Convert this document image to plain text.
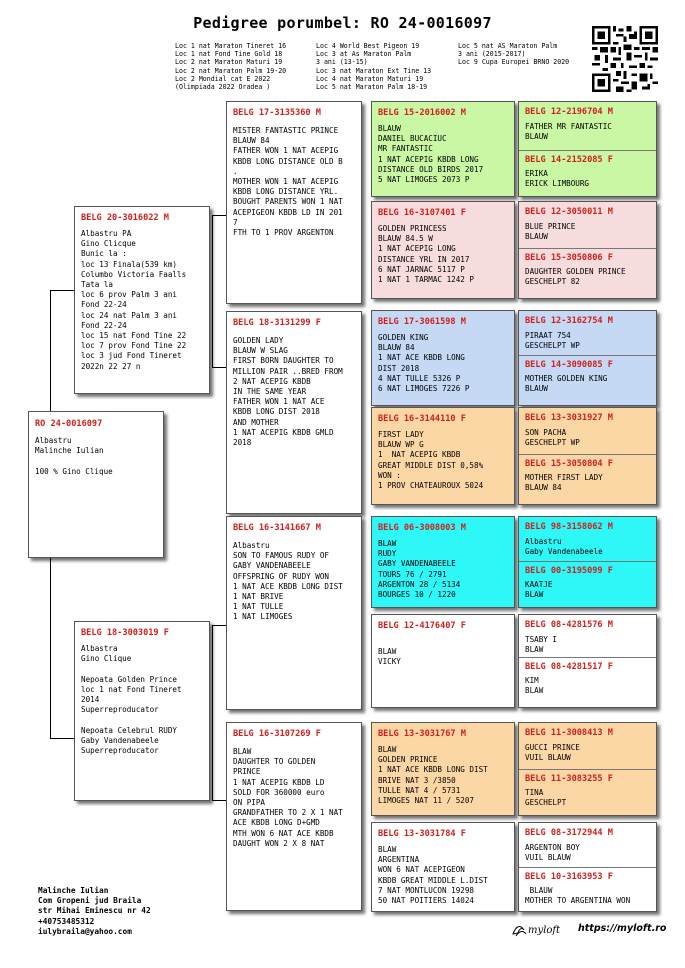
Pedigree porumbel: RO 24-0016097
Loc 1 nat Maraton Tineret 16
Loc 1 nat Fond Tine Gold 18
Loc 2 nat Maraton Maturi 19
Loc 2 nat Maraton Palm 19-20
Loc 2 Mondial cat E 2022
(Olimpiada 2022 Oradea )
Loc 4 World Best Pigeon 19
Loc 3 at As Maraton Palm
3 ani (13-15)
Loc 3 nat Maraton Ext Tine 13
Loc 4 nat Maraton Maturi 19
Loc 5 nat Maraton Palm 18-19
Loc 5 nat AS Maraton Palm
3 ani (2015-2017)
Loc 9 Cupa Europei BRNO 2020
RO 24-0016097
Albastru
Malinche Iulian

100 % Gino Clique
BELG 20-3016022 M
Albastru PA
Gino Clicque
Bunic la :
loc 13 Finala(539 km)
Columbo Victoria Faalls
Tata la
loc 6 prov Palm 3 ani
Fond 22-24
loc 24 nat Palm 3 ani
Fond 22-24
loc 15 nat Fond Tine 22
loc 7 prov Fond Tine 22
loc 3 jud Fond Tineret
2022n 22 27 n
BELG 18-3003019 F
Albastra
Gino Clique

Nepoata Golden Prince
loc 1 nat Fond Tineret
2014
Superreproducator

Nepoata Celebrul RUDY
Gaby Vandenabeele
Superreproducator
BELG 17-3135360 M
MISTER FANTASTIC PRINCE
BLAUW 84
FATHER WON 1 NAT ACEPIG
KBDB LONG DISTANCE OLD B
.
MOTHER WON 1 NAT ACEPIG
KBDB LONG DISTANCE YRL.
BOUGHT PARENTS WON 1 NAT
ACEPIGEON KBDB LD IN 201
7
FTH TO 1 PROV ARGENTON
BELG 18-3131299 F
GOLDEN LADY
BLAUW W SLAG
FIRST BORN DAUGHTER TO
MILLION PAIR ..BRED FROM
2 NAT ACEPIG KBDB
IN THE SAME YEAR
FATHER WON 1 NAT ACE
KBDB LONG DIST 2018
AND MOTHER
1 NAT ACEPIG KBDB GMLD
2018
BELG 16-3141667 M
Albastru
SON TO FAMOUS RUDY OF
GABY VANDENABEELE
OFFSPRING OF RUDY WON
1 NAT ACE KBDB LONG DIST
1 NAT BRIVE
1 NAT TULLE
1 NAT LIMOGES
BELG 16-3107269 F
BLAW
DAUGHTER TO GOLDEN
PRINCE
1 NAT ACEPIG KBDB LD
SOLD FOR 360000 euro
ON PIPA
GRANDFATHER TO 2 X 1 NAT
ACE KBDB LONG D+GMD
MTH WON 6 NAT ACE KBDB
DAUGHT WON 2 X 8 NAT
BELG 15-2016002 M
BLAUW
DANIEL BUCACIUC
MR FANTASTIC
1 NAT ACEPIG KBDB LONG
DISTANCE OLD BIRDS 2017
5 NAT LIMOGES 2073 P
BELG 16-3107401 F
GOLDEN PRINCESS
BLAUW 84.5 W
1 NAT ACEPIG LONG
DISTANCE YRL IN 2017
6 NAT JARNAC 5117 P
1 NAT 1 TARMAC 1242 P
BELG 17-3061598 M
GOLDEN KING
BLAUW 84
1 NAT ACE KBDB LONG
DIST 2018
4 NAT TULLE 5326 P
6 NAT LIMOGES 7226 P
BELG 16-3144110 F
FIRST LADY
BLAUW WP G
1  NAT ACEPIG KBDB
GREAT MIDDLE DIST 0,58%
WON :
1 PROV CHATEAUROUX 5024
BELG 06-3008003 M
BLAW
RUDY
GABY VANDENABEELE
TOURS 76 / 2791
ARGENTON 28 / 5134
BOURGES 10 / 1220
BELG 12-4176407 F

BLAW
VICKY
BELG 13-3031767 M
BLAW
GOLDEN PRINCE
1 NAT ACE KBDB LONG DIST
BRIVE NAT 3 /3850
TULLE NAT 4 / 5731
LIMOGES NAT 11 / 5207
BELG 13-3031784 F
BLAW
ARGENTINA
WON 6 NAT ACEPIGEON
KBDB GREAT MIDDLE L.DIST
7 NAT MONTLUCON 19298
50 NAT POITIERS 14024
BELG 12-2196704 M
FATHER MR FANTASTIC
BLAUW
BELG 14-2152085 F
ERIKA
ERICK LIMBOURG
BELG 12-3050011 M
BLUE PRINCE
BLAUW
BELG 15-3050806 F
DAUGHTER GOLDEN PRINCE
GESCHELPT 82
BELG 12-3162754 M
PIRAAT 754
GESCHELPT WP
BELG 14-3090085 F
MOTHER GOLDEN KING
BLAUW
BELG 13-3031927 M
SON PACHA
GESCHELPT WP
BELG 15-3050804 F
MOTHER FIRST LADY
BLAUW 84
BELG 98-3158062 M
Albastru
Gaby Vandenabeele
BELG 00-3195099 F
KAATJE
BLAW
BELG 08-4281576 M
TSABY I
BLAW
BELG 08-4281517 F
KIM
BLAW
BELG 11-3008413 M
GUCCI PRINCE
VUIL BLAUW
BELG 11-3083255 F
TINA
GESCHELPT
BELG 08-3172944 M
ARGENTON BOY
VUIL BLAUW
BELG 10-3163953 F
BLAUW
MOTHER TO ARGENTINA WON
Malinche Iulian
Com Gropeni jud Braila
str Mihai Eminescu nr 42
+40753485312
iulybraila@yahoo.com	myloft https://myloft.ro
